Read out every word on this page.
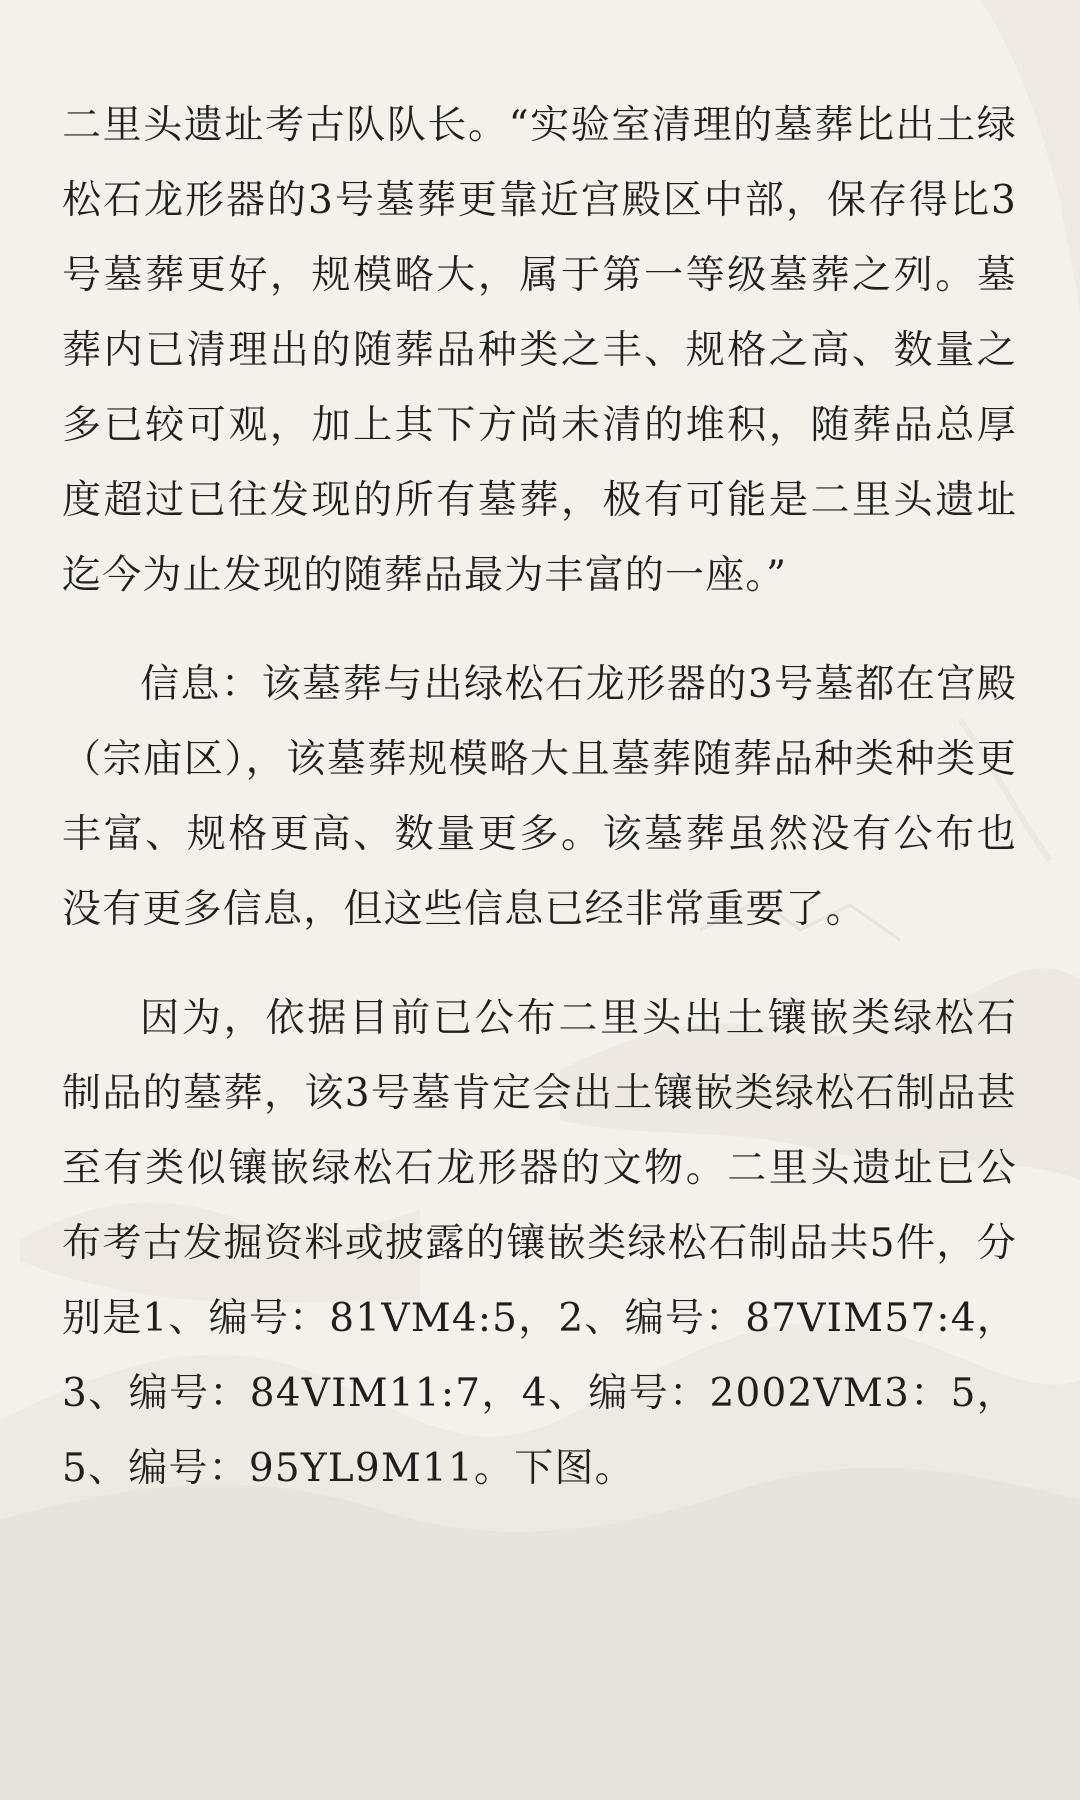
二里头遗址考古队队长。“实验室清理的墓葬比出土绿松石龙形器的3号墓葬更靠近宫殿区中部，保存得比3号墓葬更好，规模略大，属于第一等级墓葬之列。墓葬内已清理出的随葬品种类之丰、规格之高、数量之多已较可观，加上其下方尚未清的堆积，随葬品总厚度超过已往发现的所有墓葬，极有可能是二里头遗址迄今为止发现的随葬品最为丰富的一座。”

信息：该墓葬与出绿松石龙形器的3号墓都在宫殿（宗庙区），该墓葬规模略大且墓葬随葬品种类种类更丰富、规格更高、数量更多。该墓葬虽然没有公布也没有更多信息，但这些信息已经非常重要了。

因为，依据目前已公布二里头出土镶嵌类绿松石制品的墓葬，该3号墓肯定会出土镶嵌类绿松石制品甚至有类似镶嵌绿松石龙形器的文物。二里头遗址已公布考古发掘资料或披露的镶嵌类绿松石制品共5件，分别是1、编号：81ⅤM4:5，2、编号：87VIM57:4，3、编号：84VIM11:7，4、编号：2002VM3：5，5、编号：95YL9M11。下图。
